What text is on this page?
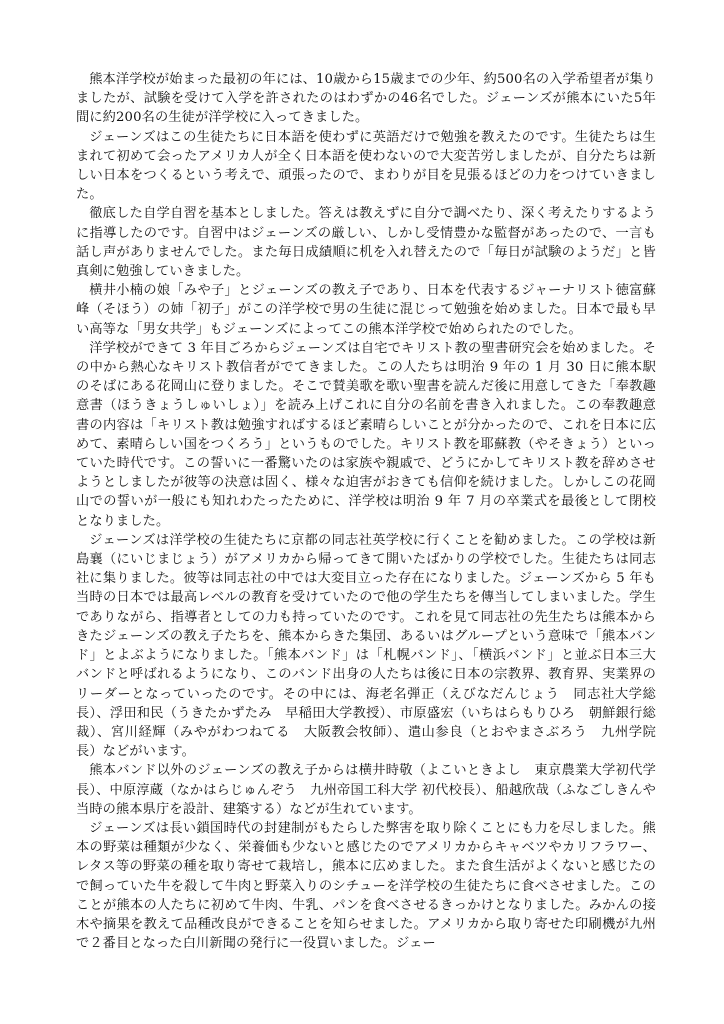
熊本洋学校が始まった最初の年には、10歳から15歳までの少年、約500名の入学希望者が集りましたが、試験を受けて入学を許されたのはわずかの46名でした。ジェーンズが熊本にいた5年間に約200名の生徒が洋学校に入ってきました。

ジェーンズはこの生徒たちに日本語を使わずに英語だけで勉強を教えたのです。生徒たちは生まれて初めて会ったアメリカ人が全く日本語を使わないので大変苦労しましたが、自分たちは新しい日本をつくるという考えで、頑張ったので、まわりが目を見張るほどの力をつけていきました。

徹底した自学自習を基本としました。答えは教えずに自分で調べたり、深く考えたりするように指導したのです。自習中はジェーンズの厳しい、しかし受情豊かな監督があったので、一言も話し声がありませんでした。また毎日成績順に机を入れ替えたので「毎日が試験のようだ」と皆真剣に勉強していきました。

横井小楠の娘「みや子」とジェーンズの教え子であり、日本を代表するジャーナリスト徳富蘇峰（そほう）の姉「初子」がこの洋学校で男の生徒に混じって勉強を始めました。日本で最も早い高等な「男女共学」もジェーンズによってこの熊本洋学校で始められたのでした。

洋学校ができて 3 年目ごろからジェーンズは自宅でキリスト教の聖書研究会を始めました。その中から熱心なキリスト教信者がでてきました。この人たちは明治 9 年の 1 月 30 日に熊本駅のそばにある花岡山に登りました。そこで賛美歌を歌い聖書を読んだ後に用意してきた「奉教趣意書（ほうきょうしゅいしょ）」を読み上げこれに自分の名前を書き入れました。この奉教趣意書の内容は「キリスト教は勉強すればするほど素晴らしいことが分かったので、これを日本に広めて、素晴らしい国をつくろう」というものでした。キリスト教を耶蘇教（やそきょう）といっていた時代です。この誓いに一番驚いたのは家族や親戚で、どうにかしてキリスト教を辞めさせようとしましたが彼等の決意は固く、様々な迫害がおきても信仰を続けました。しかしこの花岡山での誓いが一般にも知れわたったために、洋学校は明治 9 年 7 月の卒業式を最後として閉校となりました。

ジェーンズは洋学校の生徒たちに京都の同志社英学校に行くことを勧めました。この学校は新島襄（にいじまじょう）がアメリカから帰ってきて開いたばかりの学校でした。生徒たちは同志社に集りました。彼等は同志社の中では大変目立った存在になりました。ジェーンズから 5 年も当時の日本では最高レベルの教育を受けていたので他の学生たちを傳当してしまいました。学生でありながら、指導者としての力も持っていたのです。これを見て同志社の先生たちは熊本からきたジェーンズの教え子たちを、熊本からきた集団、あるいはグループという意味で「熊本バンド」とよぶようになりました。「熊本バンド」は「札幌バンド」、「横浜バンド」と並ぶ日本三大バンドと呼ばれるようになり、このバンド出身の人たちは後に日本の宗教界、教育界、実業界のリーダーとなっていったのです。その中には、海老名弾正（えびなだんじょう　同志社大学総長）、浮田和民（うきたかずたみ　早稲田大学教授）、市原盛宏（いちはらもりひろ　朝鮮銀行総裁）、宮川経輝（みやがわつねてる　大阪教会牧師）、遣山参良（とおやまさぶろう　九州学院長）などがいます。

熊本バンド以外のジェーンズの教え子からは横井時敬（よこいときよし　東京農業大学初代学長）、中原淳蔵（なかはらじゅんぞう　九州帝国工科大学 初代校長）、船越欣哉（ふなごしきんや　当時の熊本県庁を設計、建築する）などが生れています。

ジェーンズは長い鎖国時代の封建制がもたらした弊害を取り除くことにも力を尽しました。熊本の野菜は種類が少なく、栄養価も少ないと感じたのでアメリカからキャベツやカリフラワー、レタス等の野菜の種を取り寄せて栽培し，熊本に広めました。また食生活がよくないと感じたので飼っていた牛を殺して牛肉と野菜入りのシチューを洋学校の生徒たちに食べさせました。このことが熊本の人たちに初めて牛肉、牛乳、パンを食べさせるきっかけとなりました。みかんの接木や摘果を教えて品種改良ができることを知らせました。アメリカから取り寄せた印刷機が九州で２番目となった白川新聞の発行に一役買いました。ジェー
